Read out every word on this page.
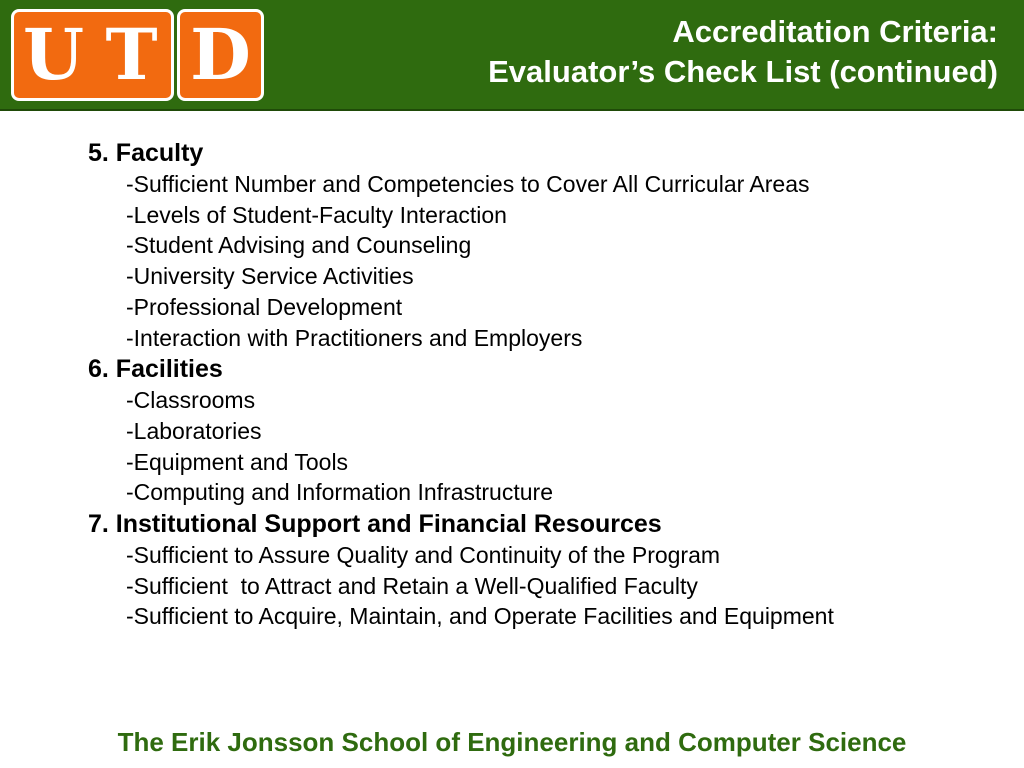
U T D	Accreditation Criteria:
Evaluator’s Check List (continued)
5. Faculty
-Sufficient Number and Competencies to Cover All Curricular Areas
-Levels of Student-Faculty Interaction
-Student Advising and Counseling
-University Service Activities
-Professional Development
-Interaction with Practitioners and Employers
6. Facilities
-Classrooms
-Laboratories
-Equipment and Tools
-Computing and Information Infrastructure
7. Institutional Support and Financial Resources
-Sufficient to Assure Quality and Continuity of the Program
-Sufficient  to Attract and Retain a Well-Qualified Faculty
-Sufficient to Acquire, Maintain, and Operate Facilities and Equipment
The Erik Jonsson School of Engineering and Computer Science
